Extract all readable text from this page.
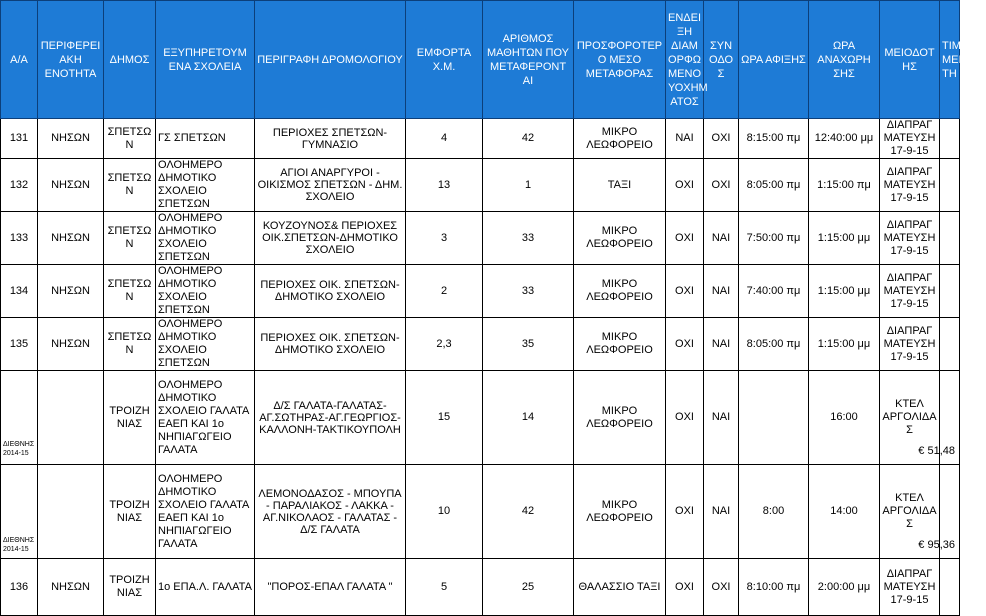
Α/Α	ΠΕΡΙΦΕΡΕΙ ΑΚΗ ΕΝΟΤΗΤΑ	ΔΗΜΟΣ	ΕΞΥΠΗΡΕΤΟΥΜ ΕΝΑ ΣΧΟΛΕΙΑ	ΠΕΡΙΓΡΑΦΗ ΔΡΟΜΟΛΟΓΙΟΥ	ΕΜΦΟΡΤΑ Χ.Μ.	ΑΡΙΘΜΟΣ ΜΑΘΗΤΩΝ ΠΟΥ ΜΕΤΑΦΕΡΟΝΤ ΑΙ	ΠΡΟΣΦΟΡΟΤΕΡ Ο ΜΕΣΟ ΜΕΤΑΦΟΡΑΣ	ΕΝΔΕΙ ΞΗ ΔΙΑΜ ΟΡΦΩ ΜΕΝΟ ΥΟΧΗΜ ΑΤΟΣ	ΣΥΝ ΟΔΟ Σ	ΩΡΑ ΑΦΙΞΗΣ	ΩΡΑ ΑΝΑΧΩΡΗ ΣΗΣ	ΜΕΙΟΔΟΤ ΗΣ	ΤΙΜΗ ΜΕΙΟΔΟ ΤΗ
131	ΝΗΣΩΝ	ΣΠΕΤΣΩ Ν	ΓΣ ΣΠΕΤΣΩΝ	ΠΕΡΙΟΧΕΣ ΣΠΕΤΣΩΝ-ΓΥΜΝΑΣΙΟ	4	42	ΜΙΚΡΟ ΛΕΩΦΟΡΕΙΟ	ΝΑΙ	ΟΧΙ	8:15:00 πμ	12:40:00 μμ	ΔΙΑΠΡΑΓ ΜΑΤΕΥΣΗ 17-9-15	

132	ΝΗΣΩΝ	ΣΠΕΤΣΩ Ν	ΟΛΟΗΜΕΡΟ ΔΗΜΟΤΙΚΟ ΣΧΟΛΕΙΟ ΣΠΕΤΣΩΝ	ΑΓΙΟΙ ΑΝΑΡΓΥΡΟΙ - ΟΙΚΙΣΜΟΣ ΣΠΕΤΣΩΝ - ΔΗΜ. ΣΧΟΛΕΙΟ	13	1	ΤΑΞΙ	ΟΧΙ	ΟΧΙ	8:05:00 πμ	1:15:00 πμ	ΔΙΑΠΡΑΓ ΜΑΤΕΥΣΗ 17-9-15	

133	ΝΗΣΩΝ	ΣΠΕΤΣΩ Ν	ΟΛΟΗΜΕΡΟ ΔΗΜΟΤΙΚΟ ΣΧΟΛΕΙΟ ΣΠΕΤΣΩΝ	ΚΟΥΖΟΥΝΟΣ& ΠΕΡΙΟΧΕΣ ΟΙΚ.ΣΠΕΤΣΩΝ-ΔΗΜΟΤΙΚΟ ΣΧΟΛΕΙΟ	3	33	ΜΙΚΡΟ ΛΕΩΦΟΡΕΙΟ	ΟΧΙ	ΝΑΙ	7:50:00 πμ	1:15:00 μμ	ΔΙΑΠΡΑΓ ΜΑΤΕΥΣΗ 17-9-15	

134	ΝΗΣΩΝ	ΣΠΕΤΣΩ Ν	ΟΛΟΗΜΕΡΟ ΔΗΜΟΤΙΚΟ ΣΧΟΛΕΙΟ ΣΠΕΤΣΩΝ	ΠΕΡΙΟΧΕΣ ΟΙΚ. ΣΠΕΤΣΩΝ-ΔΗΜΟΤΙΚΟ ΣΧΟΛΕΙΟ	2	33	ΜΙΚΡΟ ΛΕΩΦΟΡΕΙΟ	ΟΧΙ	ΝΑΙ	7:40:00 πμ	1:15:00 μμ	ΔΙΑΠΡΑΓ ΜΑΤΕΥΣΗ 17-9-15	

135	ΝΗΣΩΝ	ΣΠΕΤΣΩ Ν	ΟΛΟΗΜΕΡΟ ΔΗΜΟΤΙΚΟ ΣΧΟΛΕΙΟ ΣΠΕΤΣΩΝ	ΠΕΡΙΟΧΕΣ ΟΙΚ. ΣΠΕΤΣΩΝ-ΔΗΜΟΤΙΚΟ ΣΧΟΛΕΙΟ	2,3	35	ΜΙΚΡΟ ΛΕΩΦΟΡΕΙΟ	ΟΧΙ	ΝΑΙ	8:05:00 πμ	1:15:00 μμ	ΔΙΑΠΡΑΓ ΜΑΤΕΥΣΗ 17-9-15	

ΔΙΕΘΝΗΣ 2014-15		ΤΡΟΙΖΗ ΝΙΑΣ	ΟΛΟΗΜΕΡΟ ΔΗΜΟΤΙΚΟ ΣΧΟΛΕΙΟ ΓΑΛΑΤΑ ΕΑΕΠ ΚΑΙ 1ο ΝΗΠΙΑΓΩΓΕΙΟ ΓΑΛΑΤΑ	Δ/Σ ΓΑΛΑΤΑ-ΓΑΛΑΤΑΣ-ΑΓ.ΣΩΤΗΡΑΣ-ΑΓ.ΓΕΩΡΓΙΟΣ-ΚΑΛΛΟΝΗ-ΤΑΚΤΙΚΟΥΠΟΛΗ	15	14	ΜΙΚΡΟ ΛΕΩΦΟΡΕΙΟ	ΟΧΙ	ΝΑΙ		16:00	ΚΤΕΛ ΑΡΓΟΛΙΔΑ Σ	€ 51,48

ΔΙΕΘΝΗΣ 2014-15		ΤΡΟΙΖΗ ΝΙΑΣ	ΟΛΟΗΜΕΡΟ ΔΗΜΟΤΙΚΟ ΣΧΟΛΕΙΟ ΓΑΛΑΤΑ ΕΑΕΠ ΚΑΙ 1ο ΝΗΠΙΑΓΩΓΕΙΟ ΓΑΛΑΤΑ	ΛΕΜΟΝΟΔΑΣΟΣ - ΜΠΟΥΠΑ - ΠΑΡΑΛΙΑΚΟΣ - ΛΑΚΚΑ - ΑΓ.ΝΙΚΟΛΑΟΣ - ΓΑΛΑΤΑΣ - Δ/Σ ΓΑΛΑΤΑ	10	42	ΜΙΚΡΟ ΛΕΩΦΟΡΕΙΟ	ΟΧΙ	ΝΑΙ	8:00	14:00	ΚΤΕΛ ΑΡΓΟΛΙΔΑ Σ	€ 95,36

136	ΝΗΣΩΝ	ΤΡΟΙΖΗ ΝΙΑΣ	1ο ΕΠΑ.Λ. ΓΑΛΑΤΑ	"ΠΟΡΟΣ-ΕΠΑΛ ΓΑΛΑΤΑ "	5	25	ΘΑΛΑΣΣΙΟ ΤΑΞΙ	ΟΧΙ	ΟΧΙ	8:10:00 πμ	2:00:00 μμ	ΔΙΑΠΡΑΓ ΜΑΤΕΥΣΗ 17-9-15	
